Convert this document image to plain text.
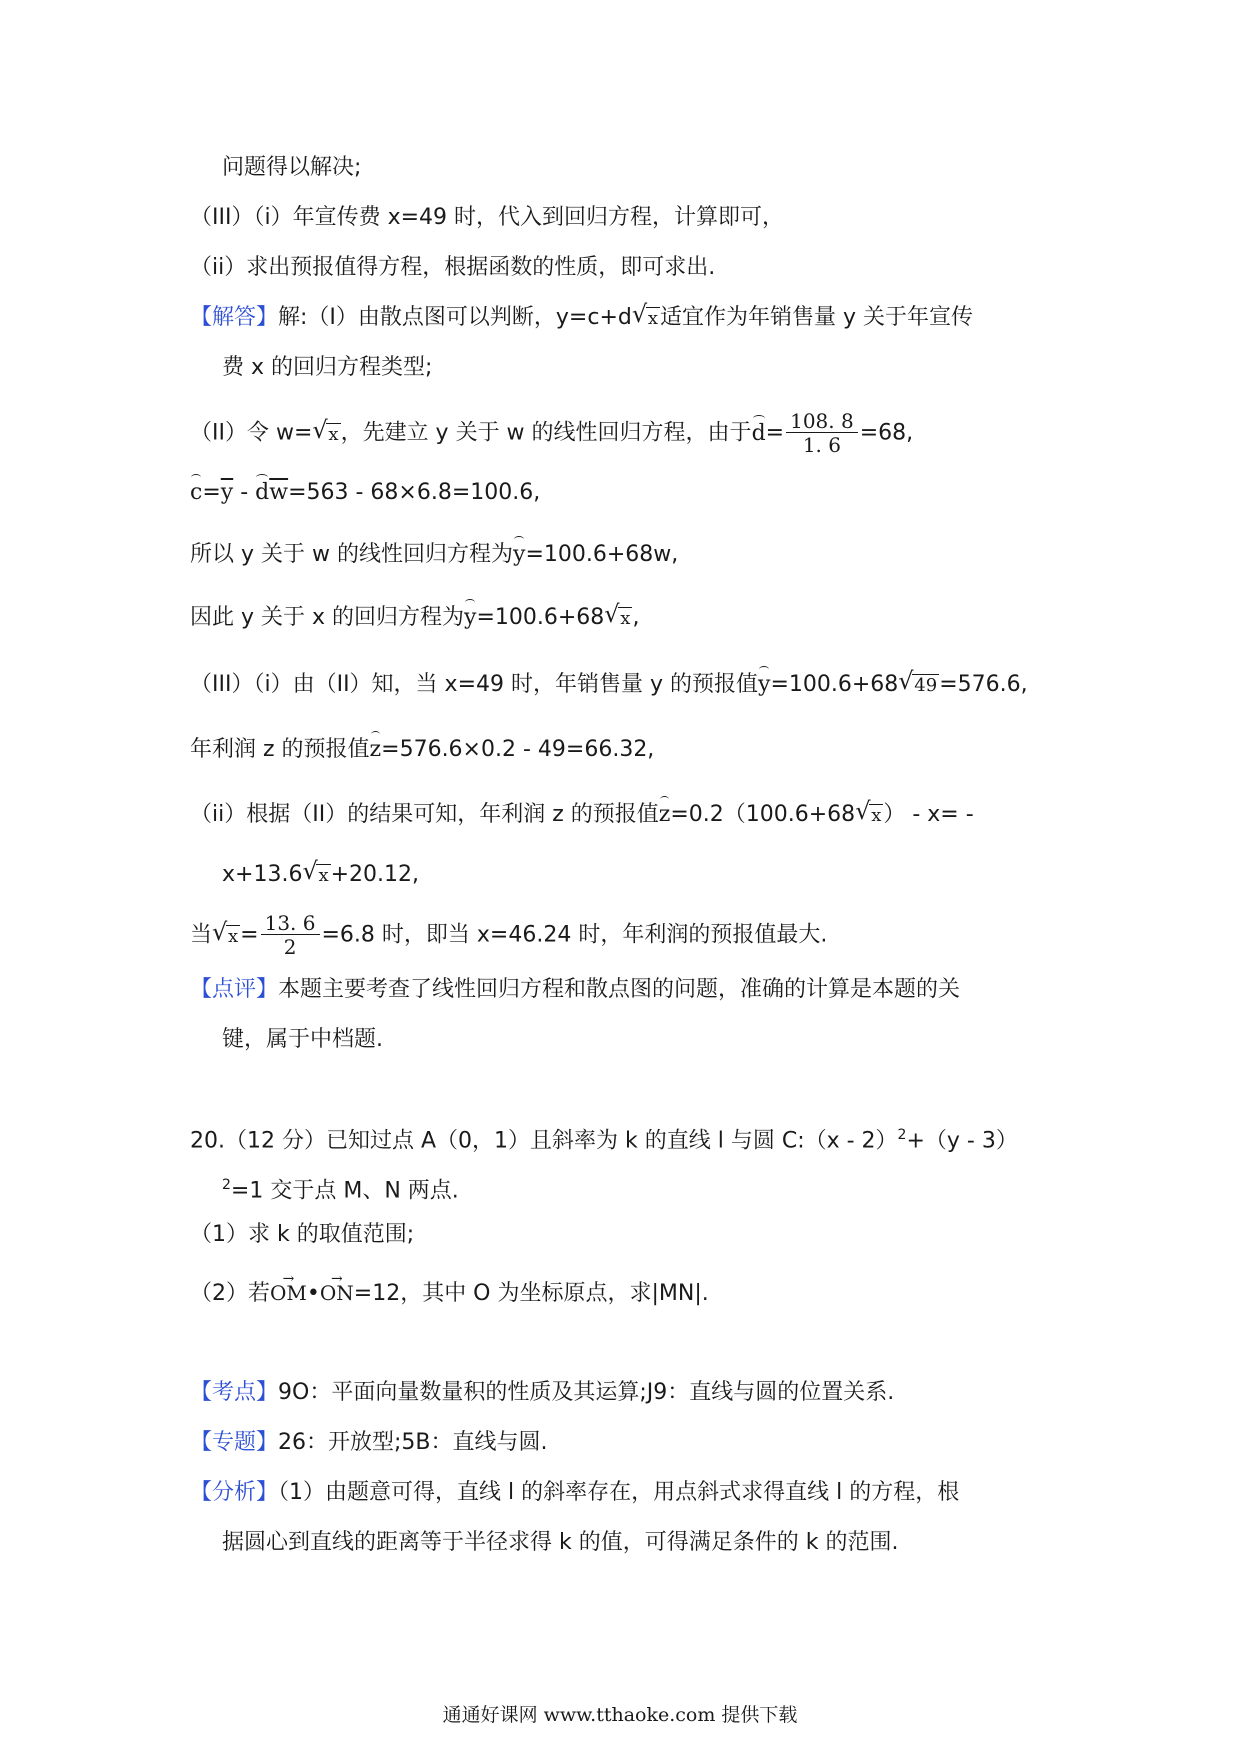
问题得以解决;
（III）（i）年宣传费 x=49 时，代入到回归方程，计算即可，
（ii）求出预报值得方程，根据函数的性质，即可求出.
【解答】解:（I）由散点图可以判断，y=c+d √ x适宜作为年销售量 y 关于年宣传
费 x 的回归方程类型;
（II）令 w= √ x，先建立 y 关于 w 的线性回归方程，由于$d= \frac{108. 8}{1. 6} =68$,
$c=\overline{y} - d\overline{w}=563 - 68\times 6.8=100.6$,
所以 y 关于 w 的线性回归方程为y=100.6+68w,
因此 y 关于 x 的回归方程为y=100.6+68 √ x,
（III）（i）由（II）知，当 x=49 时，年销售量 y 的预报值y=100.6+68 √ 49=576.6,
年利润 z 的预报值z=576.6×0.2 - 49=66.32,
（ii）根据（II）的结果可知，年利润 z 的预报值z=0.2（100.6+68 √ x） - x= -
x+13.6 √ x+20.12,
当 √ $x= \frac{13. 6}{2} =6.8$ 时，即当 x=46.24 时，年利润的预报值最大.
【点评】本题主要考查了线性回归方程和散点图的问题，准确的计算是本题的关
键，属于中档题.
20.（12 分）已知过点 A（0，1）且斜率为 k 的直线 l 与圆 C:（x - 2）$^2$+（y - 3）
$^2$=1 交于点 M、N 两点.
（1）求 k 的取值范围;
（2）若→ OM•→ ON=12，其中 O 为坐标原点，求|MN|.
【考点】9O：平面向量数量积的性质及其运算;J9：直线与圆的位置关系.
【专题】26：开放型;5B：直线与圆.
【分析】（1）由题意可得，直线 l 的斜率存在，用点斜式求得直线 l 的方程，根
据圆心到直线的距离等于半径求得 k 的值，可得满足条件的 k 的范围.
通通好课网 www.tthaoke.com 提供下载
